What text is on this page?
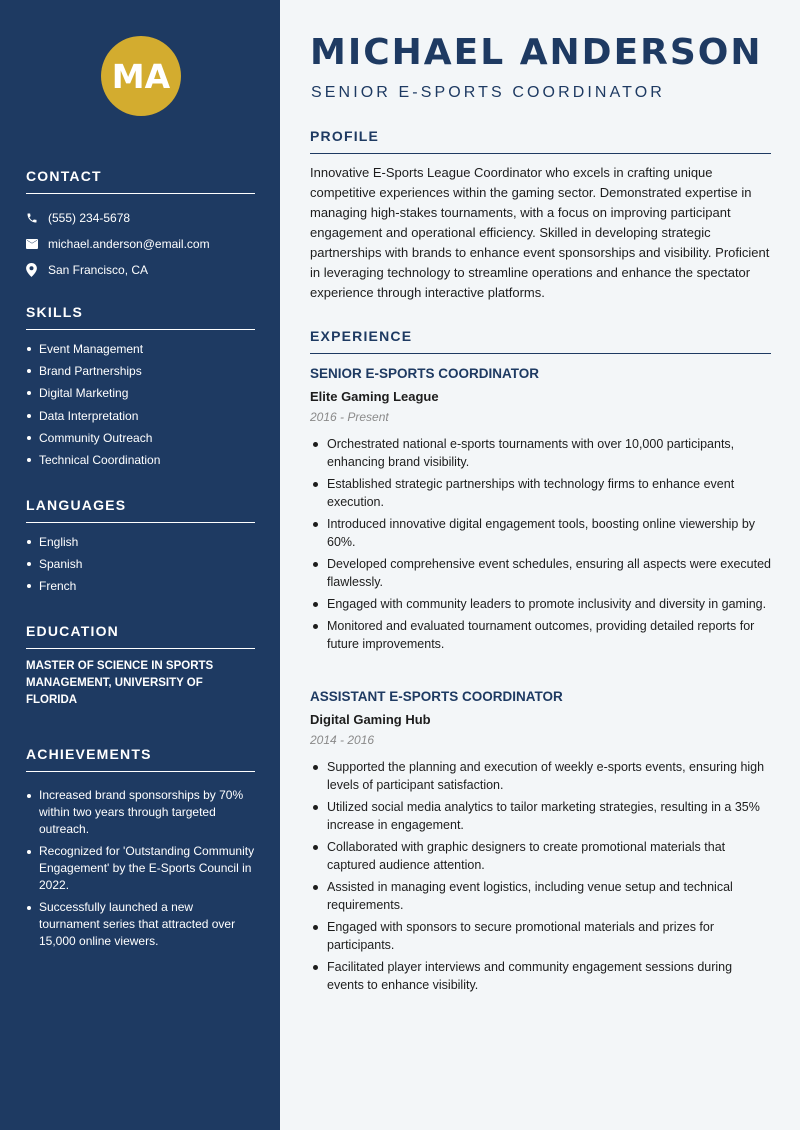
MA
CONTACT
(555) 234-5678
michael.anderson@email.com
San Francisco, CA
SKILLS
Event Management
Brand Partnerships
Digital Marketing
Data Interpretation
Community Outreach
Technical Coordination
LANGUAGES
English
Spanish
French
EDUCATION
MASTER OF SCIENCE IN SPORTS MANAGEMENT, UNIVERSITY OF FLORIDA
ACHIEVEMENTS
Increased brand sponsorships by 70% within two years through targeted outreach.
Recognized for 'Outstanding Community Engagement' by the E-Sports Council in 2022.
Successfully launched a new tournament series that attracted over 15,000 online viewers.
MICHAEL ANDERSON
SENIOR E-SPORTS COORDINATOR
PROFILE

Innovative E-Sports League Coordinator who excels in crafting unique competitive experiences within the gaming sector. Demonstrated expertise in managing high-stakes tournaments, with a focus on improving participant engagement and operational efficiency. Skilled in developing strategic partnerships with brands to enhance event sponsorships and visibility. Proficient in leveraging technology to streamline operations and enhance the spectator experience through interactive platforms.

EXPERIENCE
SENIOR E-SPORTS COORDINATOR
Elite Gaming League
2016 - Present
Orchestrated national e-sports tournaments with over 10,000 participants, enhancing brand visibility.
Established strategic partnerships with technology firms to enhance event execution.
Introduced innovative digital engagement tools, boosting online viewership by 60%.
Developed comprehensive event schedules, ensuring all aspects were executed flawlessly.
Engaged with community leaders to promote inclusivity and diversity in gaming.
Monitored and evaluated tournament outcomes, providing detailed reports for future improvements.
ASSISTANT E-SPORTS COORDINATOR
Digital Gaming Hub
2014 - 2016
Supported the planning and execution of weekly e-sports events, ensuring high levels of participant satisfaction.
Utilized social media analytics to tailor marketing strategies, resulting in a 35% increase in engagement.
Collaborated with graphic designers to create promotional materials that captured audience attention.
Assisted in managing event logistics, including venue setup and technical requirements.
Engaged with sponsors to secure promotional materials and prizes for participants.
Facilitated player interviews and community engagement sessions during events to enhance visibility.
